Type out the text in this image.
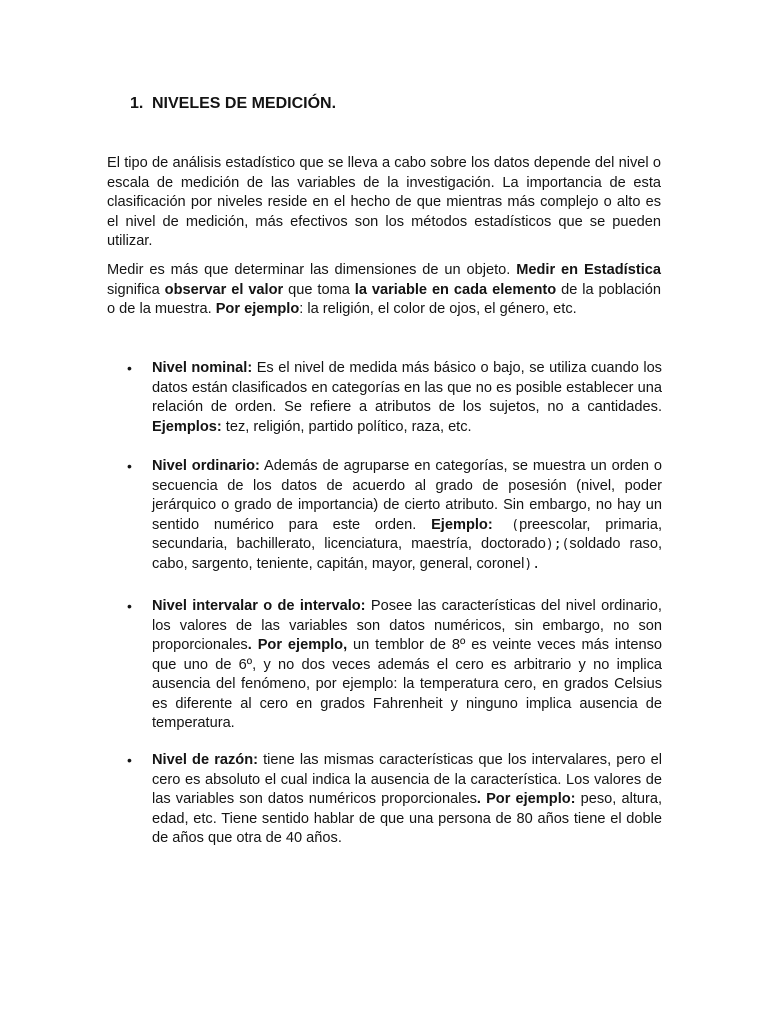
1. NIVELES DE MEDICIÓN.

El tipo de análisis estadístico que se lleva a cabo sobre los datos depende del nivel o escala de medición de las variables de la investigación. La importancia de esta clasificación por niveles reside en el hecho de que mientras más complejo o alto es el nivel de medición, más efectivos son los métodos estadísticos que se pueden utilizar.

Medir es más que determinar las dimensiones de un objeto. Medir en Estadística significa observar el valor que toma la variable en cada elemento de la población o de la muestra. Por ejemplo: la religión, el color de ojos, el género, etc.

• Nivel nominal: Es el nivel de medida más básico o bajo, se utiliza cuando los datos están clasificados en categorías en las que no es posible establecer una relación de orden. Se refiere a atributos de los sujetos, no a cantidades. Ejemplos: tez, religión, partido político, raza, etc.

• Nivel ordinario: Además de agruparse en categorías, se muestra un orden o secuencia de los datos de acuerdo al grado de posesión (nivel, poder jerárquico o grado de importancia) de cierto atributo. Sin embargo, no hay un sentido numérico para este orden. Ejemplo: (preescolar, primaria, secundaria, bachillerato, licenciatura, maestría, doctorado);(soldado raso, cabo, sargento, teniente, capitán, mayor, general, coronel).

• Nivel intervalar o de intervalo: Posee las características del nivel ordinario, los valores de las variables son datos numéricos, sin embargo, no son proporcionales. Por ejemplo, un temblor de 8º es veinte veces más intenso que uno de 6º, y no dos veces además el cero es arbitrario y no implica ausencia del fenómeno, por ejemplo: la temperatura cero, en grados Celsius es diferente al cero en grados Fahrenheit y ninguno implica ausencia de temperatura.

• Nivel de razón: tiene las mismas características que los intervalares, pero el cero es absoluto el cual indica la ausencia de la característica. Los valores de las variables son datos numéricos proporcionales. Por ejemplo: peso, altura, edad, etc. Tiene sentido hablar de que una persona de 80 años tiene el doble de años que otra de 40 años.
